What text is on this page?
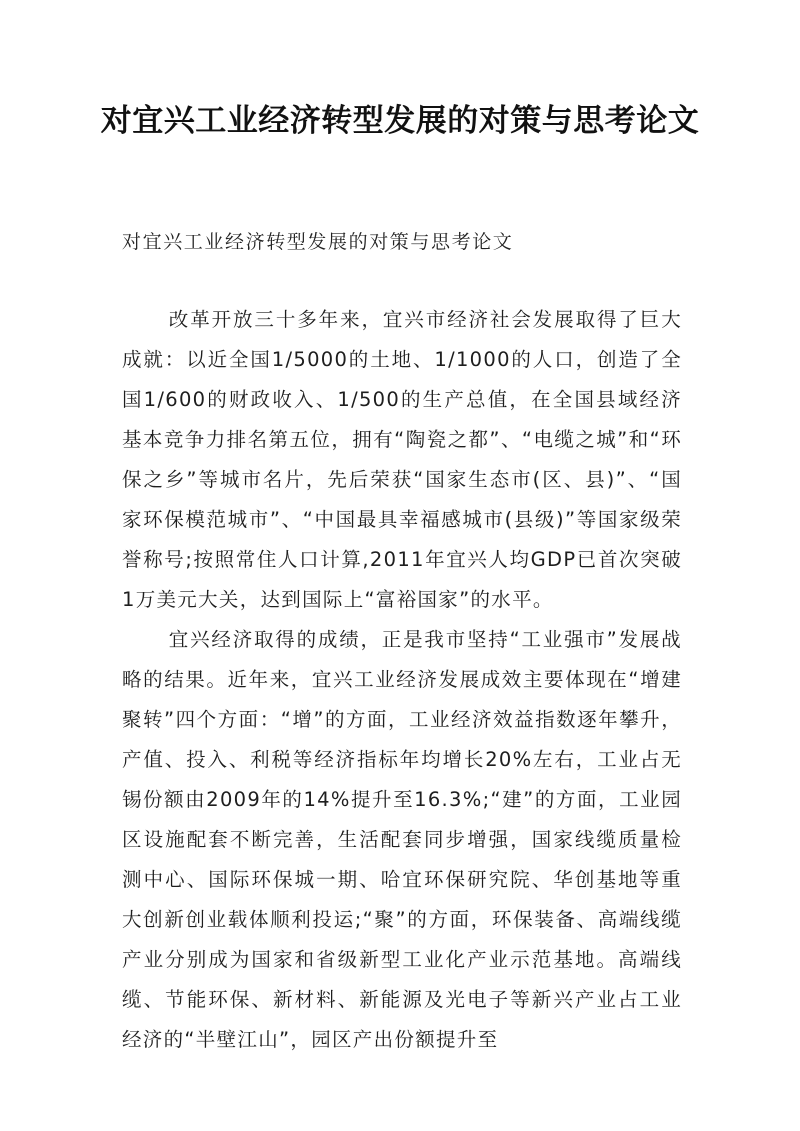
对宜兴工业经济转型发展的对策与思考论文
对宜兴工业经济转型发展的对策与思考论文

改革开放三十多年来，宜兴市经济社会发展取得了巨大成就：以近全国1/5000的土地、1/1000的人口，创造了全国1/600的财政收入、1/500的生产总值，在全国县域经济基本竞争力排名第五位，拥有“陶瓷之都”、“电缆之城”和“环保之乡”等城市名片，先后荣获“国家生态市(区、县)”、“国家环保模范城市”、“中国最具幸福感城市(县级)”等国家级荣誉称号;按照常住人口计算,2011年宜兴人均GDP已首次突破1万美元大关，达到国际上“富裕国家”的水平。

宜兴经济取得的成绩，正是我市坚持“工业强市”发展战略的结果。近年来，宜兴工业经济发展成效主要体现在“增建聚转”四个方面：“增”的方面，工业经济效益指数逐年攀升，产值、投入、利税等经济指标年均增长20%左右，工业占无锡份额由2009年的14%提升至16.3%;“建”的方面，工业园区设施配套不断完善，生活配套同步增强，国家线缆质量检测中心、国际环保城一期、哈宜环保研究院、华创基地等重大创新创业载体顺利投运;“聚”的方面，环保装备、高端线缆产业分别成为国家和省级新型工业化产业示范基地。高端线缆、节能环保、新材料、新能源及光电子等新兴产业占工业经济的“半壁江山”，园区产出份额提升至
